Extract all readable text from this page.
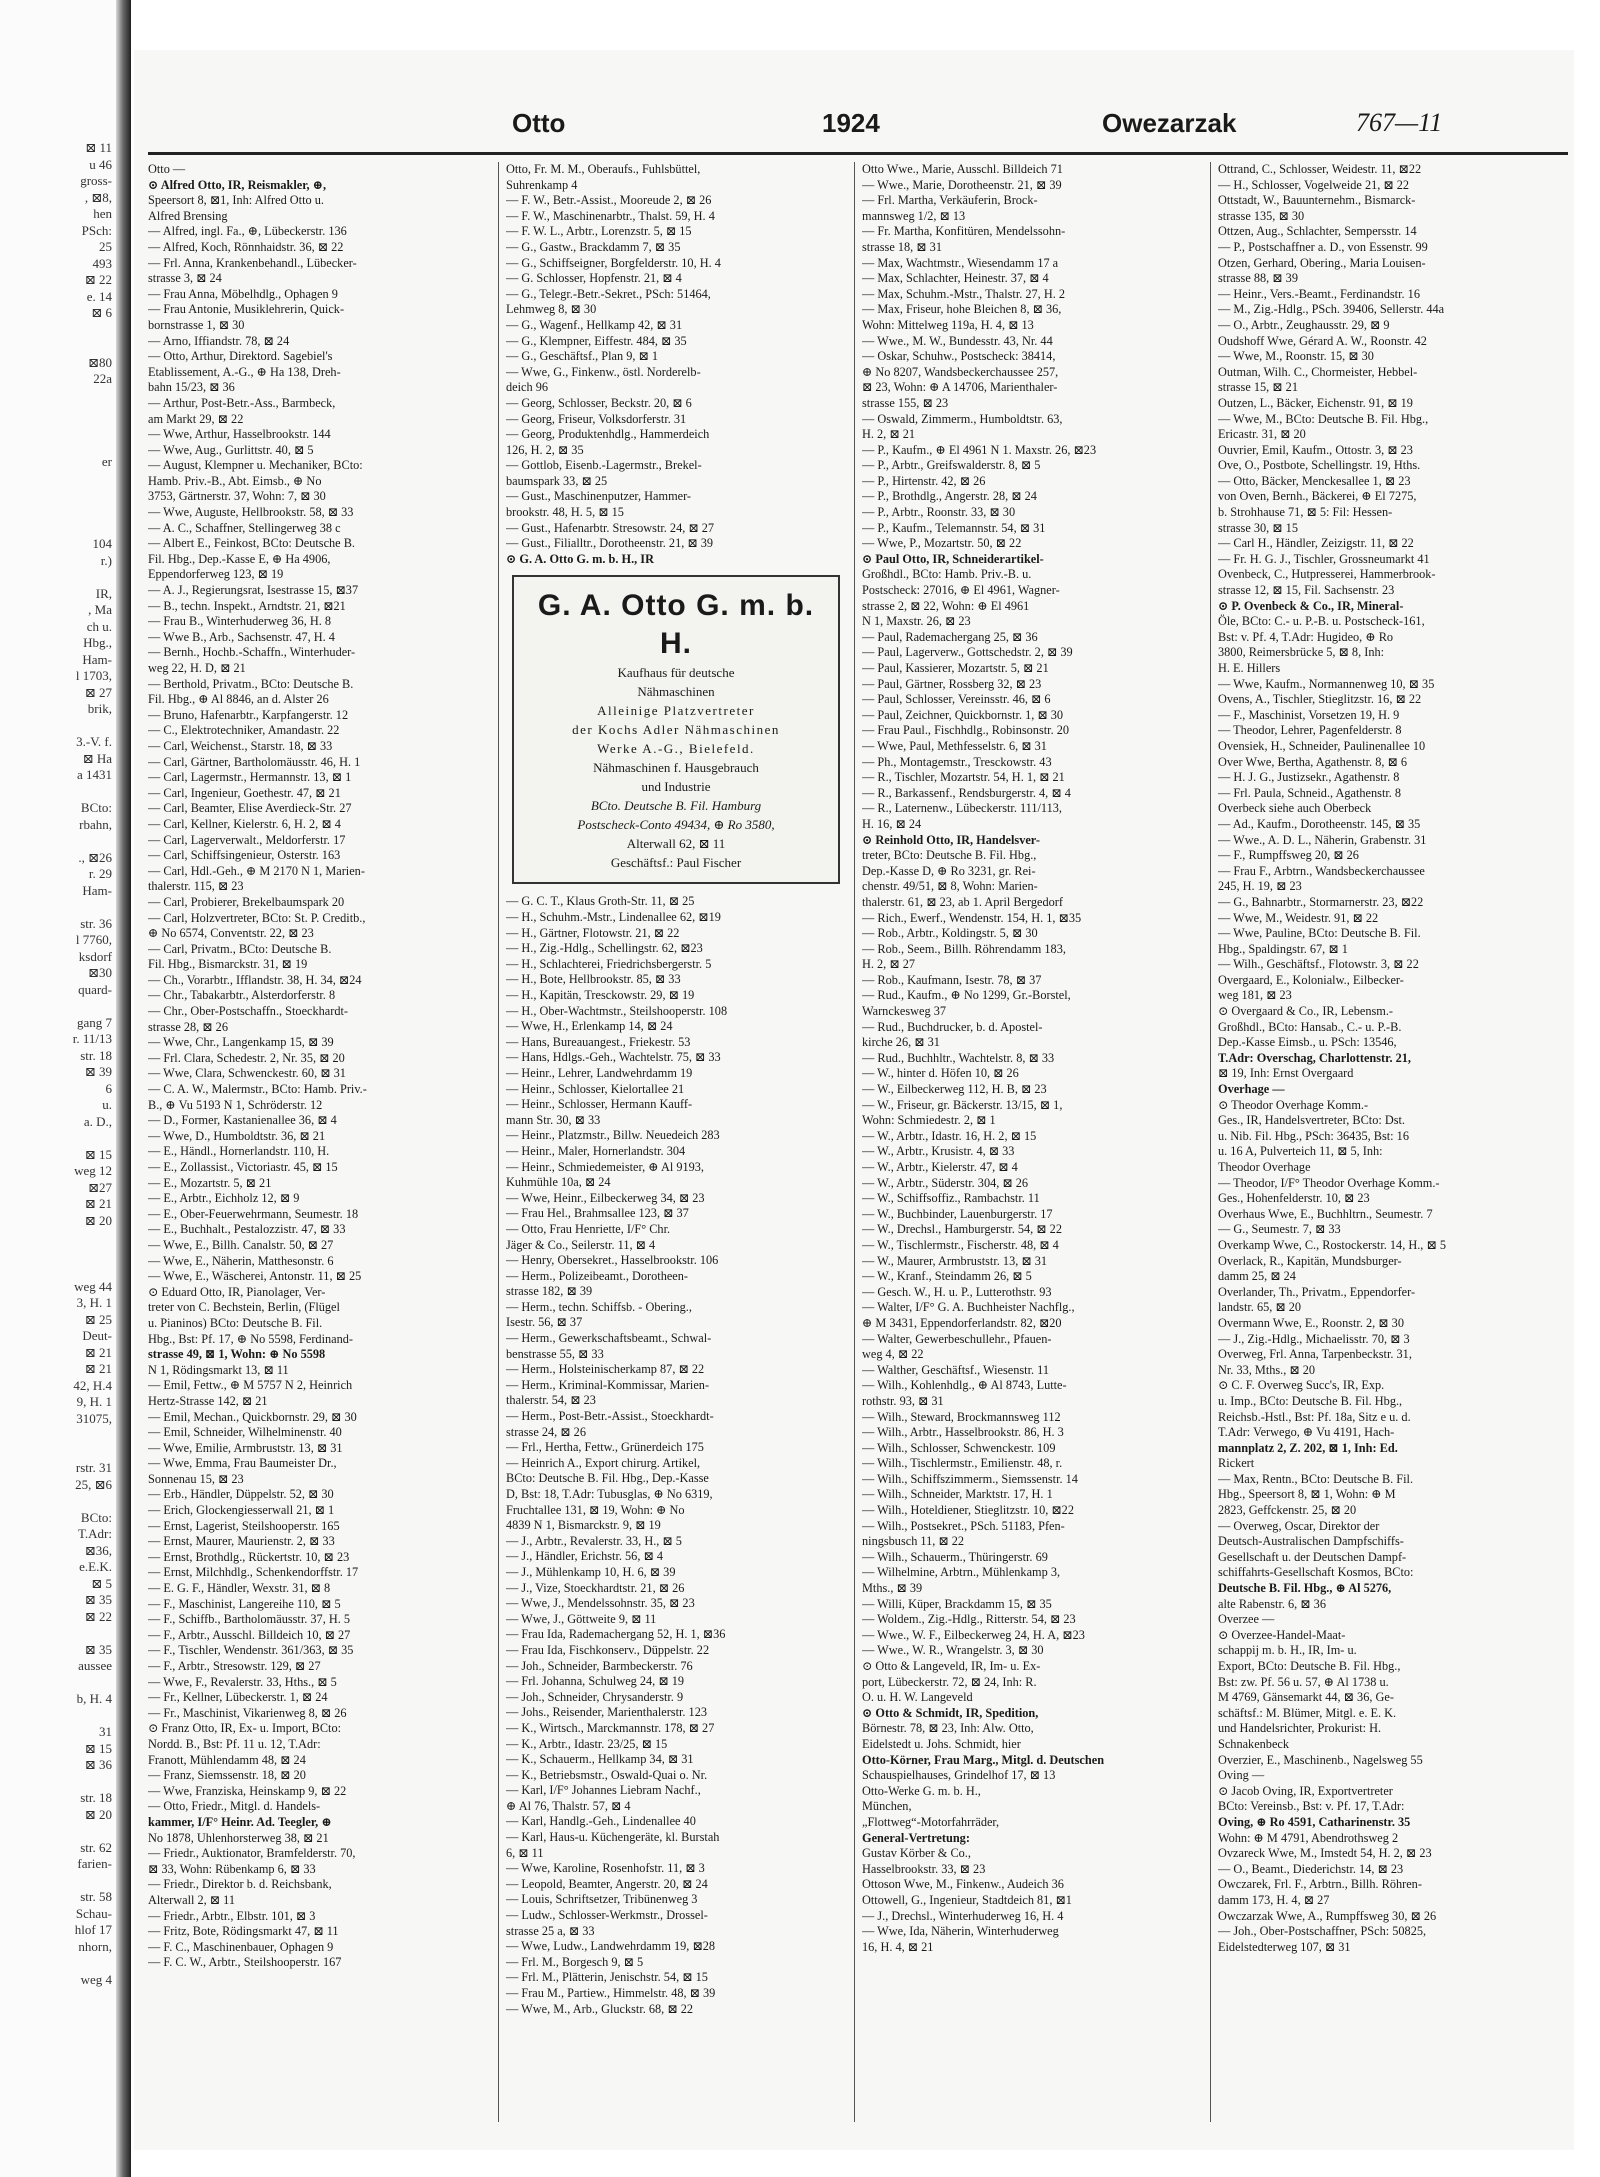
⊠ 11
u 46
gross-
, ⊠8,
hen
PSch:
25
493
⊠ 22
e. 14
⊠ 6
⊠80
22a
er
104
r.)
IR,
, Ma
ch u.
Hbg.,
Ham-
l 1703,
⊠ 27
brik,
3.-V. f.
⊠ Ha
a 1431
BCto:
rbahn,
., ⊠26
r. 29
Ham-
str. 36
l 7760,
ksdorf
⊠30
quard-
gang 7
r. 11/13
str. 18
⊠ 39
6
u.
a. D.,
⊠ 15
weg 12
⊠27
⊠ 21
⊠ 20
weg 44
3, H. 1
⊠ 25
Deut-
⊠ 21
⊠ 21
42, H.4
9, H. 1
31075,
rstr. 31
25, ⊠6
BCto:
T.Adr:
⊠36,
e.E.K.
⊠ 5
⊠ 35
⊠ 22
⊠ 35
aussee
b, H. 4
31
⊠ 15
⊠ 36
str. 18
⊠ 20
str. 62
farien-
str. 58
Schau-
hlof 17
nhorn,
weg 4
Otto	1924	Owezarzak	767—11
Otto —
⊙ Alfred Otto, IR, Reismakler, ⊕,
Speersort 8, ⊠1, Inh: Alfred Otto u.
Alfred Brensing
— Alfred, ingl. Fa., ⊕, Lübeckerstr. 136
— Alfred, Koch, Rönnhaidstr. 36, ⊠ 22
— Frl. Anna, Krankenbehandl., Lübecker-
strasse 3, ⊠ 24
— Frau Anna, Möbelhdlg., Ophagen 9
— Frau Antonie, Musiklehrerin, Quick-
bornstrasse 1, ⊠ 30
— Arno, Iffiandstr. 78, ⊠ 24
— Otto, Arthur, Direktord. Sagebiel's
Etablissement, A.-G., ⊕ Ha 138, Dreh-
bahn 15/23, ⊠ 36
— Arthur, Post-Betr.-Ass., Barmbeck,
am Markt 29, ⊠ 22
— Wwe, Arthur, Hasselbrookstr. 144
— Wwe, Aug., Gurlittstr. 40, ⊠ 5
— August, Klempner u. Mechaniker, BCto:
Hamb. Priv.-B., Abt. Eimsb., ⊕ No
3753, Gärtnerstr. 37, Wohn: 7, ⊠ 30
— Wwe, Auguste, Hellbrookstr. 58, ⊠ 33
— A. C., Schaffner, Stellingerweg 38 c
— Albert E., Feinkost, BCto: Deutsche B.
Fil. Hbg., Dep.-Kasse E, ⊕ Ha 4906,
Eppendorferweg 123, ⊠ 19
— A. J., Regierungsrat, Isestrasse 15, ⊠37
— B., techn. Inspekt., Arndtstr. 21, ⊠21
— Frau B., Winterhuderweg 36, H. 8
— Wwe B., Arb., Sachsenstr. 47, H. 4
— Bernh., Hochb.-Schaffn., Winterhuder-
weg 22, H. D, ⊠ 21
— Berthold, Privatm., BCto: Deutsche B.
Fil. Hbg., ⊕ Al 8846, an d. Alster 26
— Bruno, Hafenarbtr., Karpfangerstr. 12
— C., Elektrotechniker, Amandastr. 22
— Carl, Weichenst., Starstr. 18, ⊠ 33
— Carl, Gärtner, Bartholomäusstr. 46, H. 1
— Carl, Lagermstr., Hermannstr. 13, ⊠ 1
— Carl, Ingenieur, Goethestr. 47, ⊠ 21
— Carl, Beamter, Elise Averdieck-Str. 27
— Carl, Kellner, Kielerstr. 6, H. 2, ⊠ 4
— Carl, Lagerverwalt., Meldorferstr. 17
— Carl, Schiffsingenieur, Osterstr. 163
— Carl, Hdl.-Geh., ⊕ M 2170 N 1, Marien-
thalerstr. 115, ⊠ 23
— Carl, Probierer, Brekelbaumspark 20
— Carl, Holzvertreter, BCto: St. P. Creditb.,
⊕ No 6574, Conventstr. 22, ⊠ 23
— Carl, Privatm., BCto: Deutsche B.
Fil. Hbg., Bismarckstr. 31, ⊠ 19
— Ch., Vorarbtr., Ifflandstr. 38, H. 34, ⊠24
— Chr., Tabakarbtr., Alsterdorferstr. 8
— Chr., Ober-Postschaffn., Stoeckhardt-
strasse 28, ⊠ 26
— Wwe, Chr., Langenkamp 15, ⊠ 39
— Frl. Clara, Schedestr. 2, Nr. 35, ⊠ 20
— Wwe, Clara, Schwenckestr. 60, ⊠ 31
— C. A. W., Malermstr., BCto: Hamb. Priv.-
B., ⊕ Vu 5193 N 1, Schröderstr. 12
— D., Former, Kastanienallee 36, ⊠ 4
— Wwe, D., Humboldtstr. 36, ⊠ 21
— E., Händl., Hornerlandstr. 110, H.
— E., Zollassist., Victoriastr. 45, ⊠ 15
— E., Mozartstr. 5, ⊠ 21
— E., Arbtr., Eichholz 12, ⊠ 9
— E., Ober-Feuerwehrmann, Seumestr. 18
— E., Buchhalt., Pestalozzistr. 47, ⊠ 33
— Wwe, E., Billh. Canalstr. 50, ⊠ 27
— Wwe, E., Näherin, Matthesonstr. 6
— Wwe, E., Wäscherei, Antonstr. 11, ⊠ 25
⊙ Eduard Otto, IR, Pianolager, Ver-
treter von C. Bechstein, Berlin, (Flügel
u. Pianinos) BCto: Deutsche B. Fil.
Hbg., Bst: Pf. 17, ⊕ No 5598, Ferdinand-
strasse 49, ⊠ 1, Wohn: ⊕ No 5598
N 1, Rödingsmarkt 13, ⊠ 11
— Emil, Fettw., ⊕ M 5757 N 2, Heinrich
Hertz-Strasse 142, ⊠ 21
— Emil, Mechan., Quickbornstr. 29, ⊠ 30
— Emil, Schneider, Wilhelminenstr. 40
— Wwe, Emilie, Armbruststr. 13, ⊠ 31
— Wwe, Emma, Frau Baumeister Dr.,
Sonnenau 15, ⊠ 23
— Erb., Händler, Düppelstr. 52, ⊠ 30
— Erich, Glockengiesserwall 21, ⊠ 1
— Ernst, Lagerist, Steilshooperstr. 165
— Ernst, Maurer, Maurienstr. 2, ⊠ 33
— Ernst, Brothdlg., Rückertstr. 10, ⊠ 23
— Ernst, Milchhdlg., Schenkendorffstr. 17
— E. G. F., Händler, Wexstr. 31, ⊠ 8
— F., Maschinist, Langereihe 110, ⊠ 5
— F., Schiffb., Bartholomäusstr. 37, H. 5
— F., Arbtr., Ausschl. Billdeich 10, ⊠ 27
— F., Tischler, Wendenstr. 361/363, ⊠ 35
— F., Arbtr., Stresowstr. 129, ⊠ 27
— Wwe, F., Revalerstr. 33, Hths., ⊠ 5
— Fr., Kellner, Lübeckerstr. 1, ⊠ 24
— Fr., Maschinist, Vikarienweg 8, ⊠ 26
⊙ Franz Otto, IR, Ex- u. Import, BCto:
Nordd. B., Bst: Pf. 11 u. 12, T.Adr:
Franott, Mühlendamm 48, ⊠ 24
— Franz, Siemssenstr. 18, ⊠ 20
— Wwe, Franziska, Heinskamp 9, ⊠ 22
— Otto, Friedr., Mitgl. d. Handels-
kammer, I/F° Heinr. Ad. Teegler, ⊕
No 1878, Uhlenhorsterweg 38, ⊠ 21
— Friedr., Auktionator, Bramfelderstr. 70,
⊠ 33, Wohn: Rübenkamp 6, ⊠ 33
— Friedr., Direktor b. d. Reichsbank,
Alterwall 2, ⊠ 11
— Friedr., Arbtr., Elbstr. 101, ⊠ 3
— Fritz, Bote, Rödingsmarkt 47, ⊠ 11
— F. C., Maschinenbauer, Ophagen 9
— F. C. W., Arbtr., Steilshooperstr. 167
Otto, Fr. M. M., Oberaufs., Fuhlsbüttel,
Suhrenkamp 4
— F. W., Betr.-Assist., Mooreude 2, ⊠ 26
— F. W., Maschinenarbtr., Thalst. 59, H. 4
— F. W. L., Arbtr., Lorenzstr. 5, ⊠ 15
— G., Gastw., Brackdamm 7, ⊠ 35
— G., Schiffseigner, Borgfelderstr. 10, H. 4
— G. Schlosser, Hopfenstr. 21, ⊠ 4
— G., Telegr.-Betr.-Sekret., PSch: 51464,
Lehmweg 8, ⊠ 30
— G., Wagenf., Hellkamp 42, ⊠ 31
— G., Klempner, Eiffestr. 484, ⊠ 35
— G., Geschäftsf., Plan 9, ⊠ 1
— Wwe, G., Finkenw., östl. Norderelb-
deich 96
— Georg, Schlosser, Beckstr. 20, ⊠ 6
— Georg, Friseur, Volksdorferstr. 31
— Georg, Produktenhdlg., Hammerdeich
126, H. 2, ⊠ 35
— Gottlob, Eisenb.-Lagermstr., Brekel-
baumspark 33, ⊠ 25
— Gust., Maschinenputzer, Hammer-
brookstr. 48, H. 5, ⊠ 15
— Gust., Hafenarbtr. Stresowstr. 24, ⊠ 27
— Gust., Filialltr., Dorotheenstr. 21, ⊠ 39
⊙ G. A. Otto G. m. b. H., IR
G. A. Otto G. m. b. H.
Kaufhaus für deutsche
Nähmaschinen
Alleinige Platzvertreter
der Kochs Adler Nähmaschinen
Werke A.-G., Bielefeld.
Nähmaschinen f. Hausgebrauch
und Industrie
BCto. Deutsche B. Fil. Hamburg
Postscheck-Conto 49434, ⊕ Ro 3580,
Alterwall 62, ⊠ 11
Geschäftsf.: Paul Fischer
— G. C. T., Klaus Groth-Str. 11, ⊠ 25
— H., Schuhm.-Mstr., Lindenallee 62, ⊠19
— H., Gärtner, Flotowstr. 21, ⊠ 22
— H., Zig.-Hdlg., Schellingstr. 62, ⊠23
— H., Schlachterei, Friedrichsbergerstr. 5
— H., Bote, Hellbrookstr. 85, ⊠ 33
— H., Kapitän, Tresckowstr. 29, ⊠ 19
— H., Ober-Wachtmstr., Steilshooperstr. 108
— Wwe, H., Erlenkamp 14, ⊠ 24
— Hans, Bureauangest., Friekestr. 53
— Hans, Hdlgs.-Geh., Wachtelstr. 75, ⊠ 33
— Heinr., Lehrer, Landwehrdamm 19
— Heinr., Schlosser, Kielortallee 21
— Heinr., Schlosser, Hermann Kauff-
mann Str. 30, ⊠ 33
— Heinr., Platzmstr., Billw. Neuedeich 283
— Heinr., Maler, Hornerlandstr. 304
— Heinr., Schmiedemeister, ⊕ Al 9193,
Kuhmühle 10a, ⊠ 24
— Wwe, Heinr., Eilbeckerweg 34, ⊠ 23
— Frau Hel., Brahmsallee 123, ⊠ 37
— Otto, Frau Henriette, I/F° Chr.
Jäger & Co., Seilerstr. 11, ⊠ 4
— Henry, Obersekret., Hasselbrookstr. 106
— Herm., Polizeibeamt., Dorotheen-
strasse 182, ⊠ 39
— Herm., techn. Schiffsb. - Obering.,
Isestr. 56, ⊠ 37
— Herm., Gewerkschaftsbeamt., Schwal-
benstrasse 55, ⊠ 33
— Herm., Holsteinischerkamp 87, ⊠ 22
— Herm., Kriminal-Kommissar, Marien-
thalerstr. 54, ⊠ 23
— Herm., Post-Betr.-Assist., Stoeckhardt-
strasse 24, ⊠ 26
— Frl., Hertha, Fettw., Grünerdeich 175
— Heinrich A., Export chirurg. Artikel,
BCto: Deutsche B. Fil. Hbg., Dep.-Kasse
D, Bst: 18, T.Adr: Tubusglas, ⊕ No 6319,
Fruchtallee 131, ⊠ 19, Wohn: ⊕ No
4839 N 1, Bismarckstr. 9, ⊠ 19
— J., Arbtr., Revalerstr. 33, H., ⊠ 5
— J., Händler, Erichstr. 56, ⊠ 4
— J., Mühlenkamp 10, H. 6, ⊠ 39
— J., Vize, Stoeckhardtstr. 21, ⊠ 26
— Wwe, J., Mendelssohnstr. 35, ⊠ 23
— Wwe, J., Göttweite 9, ⊠ 11
— Frau Ida, Rademachergang 52, H. 1, ⊠36
— Frau Ida, Fischkonserv., Düppelstr. 22
— Joh., Schneider, Barmbeckerstr. 76
— Frl. Johanna, Schulweg 24, ⊠ 19
— Joh., Schneider, Chrysanderstr. 9
— Johs., Reisender, Marienthalerstr. 123
— K., Wirtsch., Marckmannstr. 178, ⊠ 27
— K., Arbtr., Idastr. 23/25, ⊠ 15
— K., Schauerm., Hellkamp 34, ⊠ 31
— K., Betriebsmstr., Oswald-Quai o. Nr.
— Karl, I/F° Johannes Liebram Nachf.,
⊕ Al 76, Thalstr. 57, ⊠ 4
— Karl, Handlg.-Geh., Lindenallee 40
— Karl, Haus-u. Küchengeräte, kl. Burstah
6, ⊠ 11
— Wwe, Karoline, Rosenhofstr. 11, ⊠ 3
— Leopold, Beamter, Angerstr. 20, ⊠ 24
— Louis, Schriftsetzer, Tribünenweg 3
— Ludw., Schlosser-Werkmstr., Drossel-
strasse 25 a, ⊠ 33
— Wwe, Ludw., Landwehrdamm 19, ⊠28
— Frl. M., Borgesch 9, ⊠ 5
— Frl. M., Plätterin, Jenischstr. 54, ⊠ 15
— Frau M., Partiew., Himmelstr. 48, ⊠ 39
— Wwe, M., Arb., Gluckstr. 68, ⊠ 22
Otto Wwe., Marie, Ausschl. Billdeich 71
— Wwe., Marie, Dorotheenstr. 21, ⊠ 39
— Frl. Martha, Verkäuferin, Brock-
mannsweg 1/2, ⊠ 13
— Fr. Martha, Konfitüren, Mendelssohn-
strasse 18, ⊠ 31
— Max, Wachtmstr., Wiesendamm 17 a
— Max, Schlachter, Heinestr. 37, ⊠ 4
— Max, Schuhm.-Mstr., Thalstr. 27, H. 2
— Max, Friseur, hohe Bleichen 8, ⊠ 36,
Wohn: Mittelweg 119a, H. 4, ⊠ 13
— Wwe., M. W., Bundesstr. 43, Nr. 44
— Oskar, Schuhw., Postscheck: 38414,
⊕ No 8207, Wandsbeckerchaussee 257,
⊠ 23, Wohn: ⊕ A 14706, Marienthaler-
strasse 155, ⊠ 23
— Oswald, Zimmerm., Humboldtstr. 63,
H. 2, ⊠ 21
— P., Kaufm., ⊕ El 4961 N 1. Maxstr. 26, ⊠23
— P., Arbtr., Greifswalderstr. 8, ⊠ 5
— P., Hirtenstr. 42, ⊠ 26
— P., Brothdlg., Angerstr. 28, ⊠ 24
— P., Arbtr., Roonstr. 33, ⊠ 30
— P., Kaufm., Telemannstr. 54, ⊠ 31
— Wwe, P., Mozartstr. 50, ⊠ 22
⊙ Paul Otto, IR, Schneiderartikel-
Großhdl., BCto: Hamb. Priv.-B. u.
Postscheck: 27016, ⊕ El 4961, Wagner-
strasse 2, ⊠ 22, Wohn: ⊕ El 4961
N 1, Maxstr. 26, ⊠ 23
— Paul, Rademachergang 25, ⊠ 36
— Paul, Lagerverw., Gottschedstr. 2, ⊠ 39
— Paul, Kassierer, Mozartstr. 5, ⊠ 21
— Paul, Gärtner, Rossberg 32, ⊠ 23
— Paul, Schlosser, Vereinsstr. 46, ⊠ 6
— Paul, Zeichner, Quickbornstr. 1, ⊠ 30
— Frau Paul., Fischhdlg., Robinsonstr. 20
— Wwe, Paul, Methfesselstr. 6, ⊠ 31
— Ph., Montagemstr., Tresckowstr. 43
— R., Tischler, Mozartstr. 54, H. 1, ⊠ 21
— R., Barkassenf., Rendsburgerstr. 4, ⊠ 4
— R., Laternenw., Lübeckerstr. 111/113,
H. 16, ⊠ 24
⊙ Reinhold Otto, IR, Handelsver-
treter, BCto: Deutsche B. Fil. Hbg.,
Dep.-Kasse D, ⊕ Ro 3231, gr. Rei-
chenstr. 49/51, ⊠ 8, Wohn: Marien-
thalerstr. 61, ⊠ 23, ab 1. April Bergedorf
— Rich., Ewerf., Wendenstr. 154, H. 1, ⊠35
— Rob., Arbtr., Koldingstr. 5, ⊠ 30
— Rob., Seem., Billh. Röhrendamm 183,
H. 2, ⊠ 27
— Rob., Kaufmann, Isestr. 78, ⊠ 37
— Rud., Kaufm., ⊕ No 1299, Gr.-Borstel,
Warnckesweg 37
— Rud., Buchdrucker, b. d. Apostel-
kirche 26, ⊠ 31
— Rud., Buchhltr., Wachtelstr. 8, ⊠ 33
— W., hinter d. Höfen 10, ⊠ 26
— W., Eilbeckerweg 112, H. B, ⊠ 23
— W., Friseur, gr. Bäckerstr. 13/15, ⊠ 1,
Wohn: Schmiedestr. 2, ⊠ 1
— W., Arbtr., Idastr. 16, H. 2, ⊠ 15
— W., Arbtr., Krusistr. 4, ⊠ 33
— W., Arbtr., Kielerstr. 47, ⊠ 4
— W., Arbtr., Süderstr. 304, ⊠ 26
— W., Schiffsoffiz., Rambachstr. 11
— W., Buchbinder, Lauenburgerstr. 17
— W., Drechsl., Hamburgerstr. 54, ⊠ 22
— W., Tischlermstr., Fischerstr. 48, ⊠ 4
— W., Maurer, Armbruststr. 13, ⊠ 31
— W., Kranf., Steindamm 26, ⊠ 5
— Gesch. W., H. u. P., Lutterothstr. 93
— Walter, I/F° G. A. Buchheister Nachflg.,
⊕ M 3431, Eppendorferlandstr. 82, ⊠20
— Walter, Gewerbeschullehr., Pfauen-
weg 4, ⊠ 22
— Walther, Geschäftsf., Wiesenstr. 11
— Wilh., Kohlenhdlg., ⊕ Al 8743, Lutte-
rothstr. 93, ⊠ 31
— Wilh., Steward, Brockmannsweg 112
— Wilh., Arbtr., Hasselbrookstr. 86, H. 3
— Wilh., Schlosser, Schwenckestr. 109
— Wilh., Tischlermstr., Emilienstr. 48, r.
— Wilh., Schiffszimmerm., Siemssenstr. 14
— Wilh., Schneider, Marktstr. 17, H. 1
— Wilh., Hoteldiener, Stieglitzstr. 10, ⊠22
— Wilh., Postsekret., PSch. 51183, Pfen-
ningsbusch 11, ⊠ 22
— Wilh., Schauerm., Thüringerstr. 69
— Wilhelmine, Arbtrn., Mühlenkamp 3,
Mths., ⊠ 39
— Willi, Küper, Brackdamm 15, ⊠ 35
— Woldem., Zig.-Hdlg., Ritterstr. 54, ⊠ 23
— Wwe., W. F., Eilbeckerweg 24, H. A, ⊠23
— Wwe., W. R., Wrangelstr. 3, ⊠ 30
⊙ Otto & Langeveld, IR, Im- u. Ex-
port, Lübeckerstr. 72, ⊠ 24, Inh: R.
O. u. H. W. Langeveld
⊙ Otto & Schmidt, IR, Spedition,
Börnestr. 78, ⊠ 23, Inh: Alw. Otto,
Eidelstedt u. Johs. Schmidt, hier
Otto-Körner, Frau Marg., Mitgl. d. Deutschen
Schauspielhauses, Grindelhof 17, ⊠ 13
Otto-Werke G. m. b. H.,
München,
„Flottweg“-Motorfahrräder,
General-Vertretung:
Gustav Körber & Co.,
Hasselbrookstr. 33, ⊠ 23
Ottoson Wwe, M., Finkenw., Audeich 36
Ottowell, G., Ingenieur, Stadtdeich 81, ⊠1
— J., Drechsl., Winterhuderweg 16, H. 4
— Wwe, Ida, Näherin, Winterhuderweg
16, H. 4, ⊠ 21
Ottrand, C., Schlosser, Weidestr. 11, ⊠22
— H., Schlosser, Vogelweide 21, ⊠ 22
Ottstadt, W., Bauunternehm., Bismarck-
strasse 135, ⊠ 30
Ottzen, Aug., Schlachter, Sempersstr. 14
— P., Postschaffner a. D., von Essenstr. 99
Otzen, Gerhard, Obering., Maria Louisen-
strasse 88, ⊠ 39
— Heinr., Vers.-Beamt., Ferdinandstr. 16
— M., Zig.-Hdlg., PSch. 39406, Sellerstr. 44a
— O., Arbtr., Zeughausstr. 29, ⊠ 9
Oudshoff Wwe, Gérard A. W., Roonstr. 42
— Wwe, M., Roonstr. 15, ⊠ 30
Outman, Wilh. C., Chormeister, Hebbel-
strasse 15, ⊠ 21
Outzen, L., Bäcker, Eichenstr. 91, ⊠ 19
— Wwe, M., BCto: Deutsche B. Fil. Hbg.,
Ericastr. 31, ⊠ 20
Ouvrier, Emil, Kaufm., Ottostr. 3, ⊠ 23
Ove, O., Postbote, Schellingstr. 19, Hths.
— Otto, Bäcker, Menckesallee 1, ⊠ 23
von Oven, Bernh., Bäckerei, ⊕ El 7275,
b. Strohhause 71, ⊠ 5: Fil: Hessen-
strasse 30, ⊠ 15
— Carl H., Händler, Zeizigstr. 11, ⊠ 22
— Fr. H. G. J., Tischler, Grossneumarkt 41
Ovenbeck, C., Hutpresserei, Hammerbrook-
strasse 12, ⊠ 15, Fil. Sachsenstr. 23
⊙ P. Ovenbeck & Co., IR, Mineral-
Öle, BCto: C.- u. P.-B. u. Postscheck-161,
Bst: v. Pf. 4, T.Adr: Hugideo, ⊕ Ro
3800, Reimersbrücke 5, ⊠ 8, Inh:
H. E. Hillers
— Wwe, Kaufm., Normannenweg 10, ⊠ 35
Ovens, A., Tischler, Stieglitzstr. 16, ⊠ 22
— F., Maschinist, Vorsetzen 19, H. 9
— Theodor, Lehrer, Pagenfelderstr. 8
Ovensiek, H., Schneider, Paulinenallee 10
Over Wwe, Bertha, Agathenstr. 8, ⊠ 6
— H. J. G., Justizsekr., Agathenstr. 8
— Frl. Paula, Schneid., Agathenstr. 8
Overbeck siehe auch Oberbeck
— Ad., Kaufm., Dorotheenstr. 145, ⊠ 35
— Wwe., A. D. L., Näherin, Grabenstr. 31
— F., Rumpffsweg 20, ⊠ 26
— Frau F., Arbtrn., Wandsbeckerchaussee
245, H. 19, ⊠ 23
— G., Bahnarbtr., Stormarnerstr. 23, ⊠22
— Wwe, M., Weidestr. 91, ⊠ 22
— Wwe, Pauline, BCto: Deutsche B. Fil.
Hbg., Spaldingstr. 67, ⊠ 1
— Wilh., Geschäftsf., Flotowstr. 3, ⊠ 22
Overgaard, E., Kolonialw., Eilbecker-
weg 181, ⊠ 23
⊙ Overgaard & Co., IR, Lebensm.-
Großhdl., BCto: Hansab., C.- u. P.-B.
Dep.-Kasse Eimsb., u. PSch: 13546,
T.Adr: Overschag, Charlottenstr. 21,
⊠ 19, Inh: Ernst Overgaard
Overhage —
⊙ Theodor Overhage Komm.-
Ges., IR, Handelsvertreter, BCto: Dst.
u. Nib. Fil. Hbg., PSch: 36435, Bst: 16
u. 16 A, Pulverteich 11, ⊠ 5, Inh:
Theodor Overhage
— Theodor, I/F° Theodor Overhage Komm.-
Ges., Hohenfelderstr. 10, ⊠ 23
Overhaus Wwe, E., Buchhltrn., Seumestr. 7
— G., Seumestr. 7, ⊠ 33
Overkamp Wwe, C., Rostockerstr. 14, H., ⊠ 5
Overlack, R., Kapitän, Mundsburger-
damm 25, ⊠ 24
Overlander, Th., Privatm., Eppendorfer-
landstr. 65, ⊠ 20
Overmann Wwe, E., Roonstr. 2, ⊠ 30
— J., Zig.-Hdlg., Michaelisstr. 70, ⊠ 3
Overweg, Frl. Anna, Tarpenbeckstr. 31,
Nr. 33, Mths., ⊠ 20
⊙ C. F. Overweg Succ's, IR, Exp.
u. Imp., BCto: Deutsche B. Fil. Hbg.,
Reichsb.-Hstl., Bst: Pf. 18a, Sitz e u. d.
T.Adr: Verwego, ⊕ Vu 4191, Hach-
mannplatz 2, Z. 202, ⊠ 1, Inh: Ed.
Rickert
— Max, Rentn., BCto: Deutsche B. Fil.
Hbg., Speersort 8, ⊠ 1, Wohn: ⊕ M
2823, Geffckenstr. 25, ⊠ 20
— Overweg, Oscar, Direktor der
Deutsch-Australischen Dampfschiffs-
Gesellschaft u. der Deutschen Dampf-
schiffahrts-Gesellschaft Kosmos, BCto:
Deutsche B. Fil. Hbg., ⊕ Al 5276,
alte Rabenstr. 6, ⊠ 36
Overzee —
⊙ Overzee-Handel-Maat-
schappij m. b. H., IR, Im- u.
Export, BCto: Deutsche B. Fil. Hbg.,
Bst: zw. Pf. 56 u. 57, ⊕ Al 1738 u.
M 4769, Gänsemarkt 44, ⊠ 36, Ge-
schäftsf.: M. Blümer, Mitgl. e. E. K.
und Handelsrichter, Prokurist: H.
Schnakenbeck
Overzier, E., Maschinenb., Nagelsweg 55
Oving —
⊙ Jacob Oving, IR, Exportvertreter
BCto: Vereinsb., Bst: v. Pf. 17, T.Adr:
Oving, ⊕ Ro 4591, Catharinenstr. 35
Wohn: ⊕ M 4791, Abendrothsweg 2
Ovzareck Wwe, M., Imstedt 54, H. 2, ⊠ 23
— O., Beamt., Diederichstr. 14, ⊠ 23
Owczarek, Frl. F., Arbtrn., Billh. Röhren-
damm 173, H. 4, ⊠ 27
Owczarzak Wwe, A., Rumpffsweg 30, ⊠ 26
— Joh., Ober-Postschaffner, PSch: 50825,
Eidelstedterweg 107, ⊠ 31
